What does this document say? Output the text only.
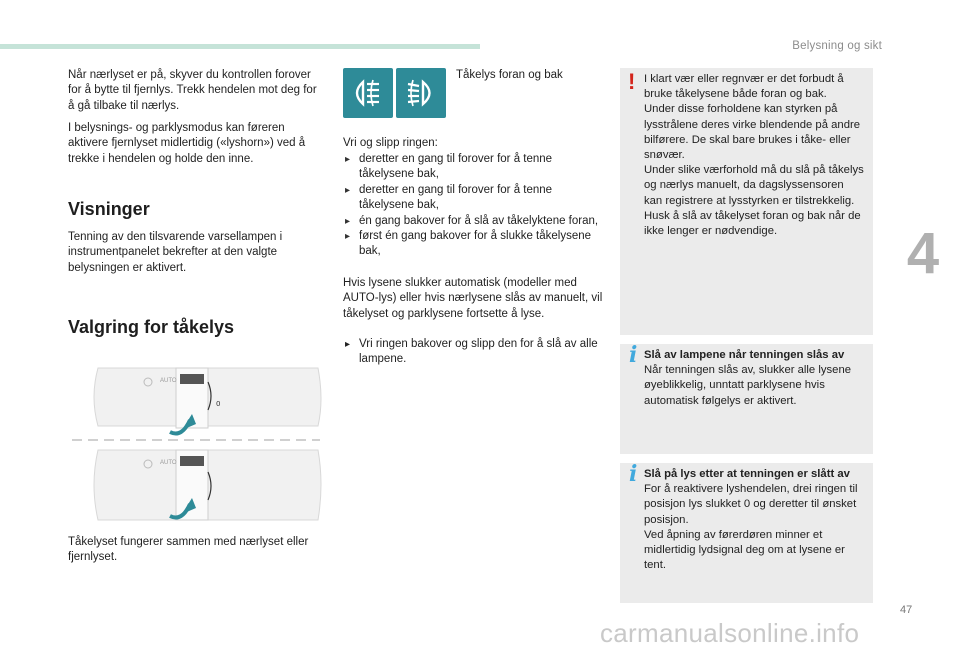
Belysning og sikt
4

Når nærlyset er på, skyver du kontrollen forover for å bytte til fjernlys. Trekk hendelen mot deg for å gå tilbake til nærlys.

I belysnings- og parklysmodus kan føreren aktivere fjernlyset midlertidig («lyshorn») ved å trekke i hendelen og holde den inne.

Visninger

Tenning av den tilsvarende varsellampen i instrumentpanelet bekrefter at den valgte belysningen er aktivert.

Valgring for tåkelys
AUTO
0
AUTO

Tåkelyset fungerer sammen med nærlyset eller fjernlyset.

Tåkelys foran og bak

Vri og slipp ringen:

▸ deretter en gang til forover for å tenne tåkelysene bak,
▸ deretter en gang til forover for å tenne tåkelysene bak,
▸ én gang bakover for å slå av tåkelyktene foran,
▸ først én gang bakover for å slukke tåkelysene bak,

Hvis lysene slukker automatisk (modeller med AUTO-lys) eller hvis nærlysene slås av manuelt, vil tåkelyset og parklysene fortsette å lyse.

▸ Vri ringen bakover og slipp den for å slå av alle lampene.
! I klart vær eller regnvær er det forbudt å bruke tåkelysene både foran og bak.
Under disse forholdene kan styrken på lysstrålene deres virke blendende på andre bilførere. De skal bare brukes i tåke- eller snøvær.
Under slike værforhold må du slå på tåkelys og nærlys manuelt, da dagslyssensoren kan registrere at lysstyrken er tilstrekkelig.
Husk å slå av tåkelyset foran og bak når de ikke lenger er nødvendige.
i Slå av lampene når tenningen slås av
Når tenningen slås av, slukker alle lysene øyeblikkelig, unntatt parklysene hvis automatisk følgelys er aktivert.
i Slå på lys etter at tenningen er slått av
For å reaktivere lyshendelen, drei ringen til posisjon lys slukket 0 og deretter til ønsket posisjon.
Ved åpning av førerdøren minner et midlertidig lydsignal deg om at lysene er tent.
47
carmanualsonline.info
